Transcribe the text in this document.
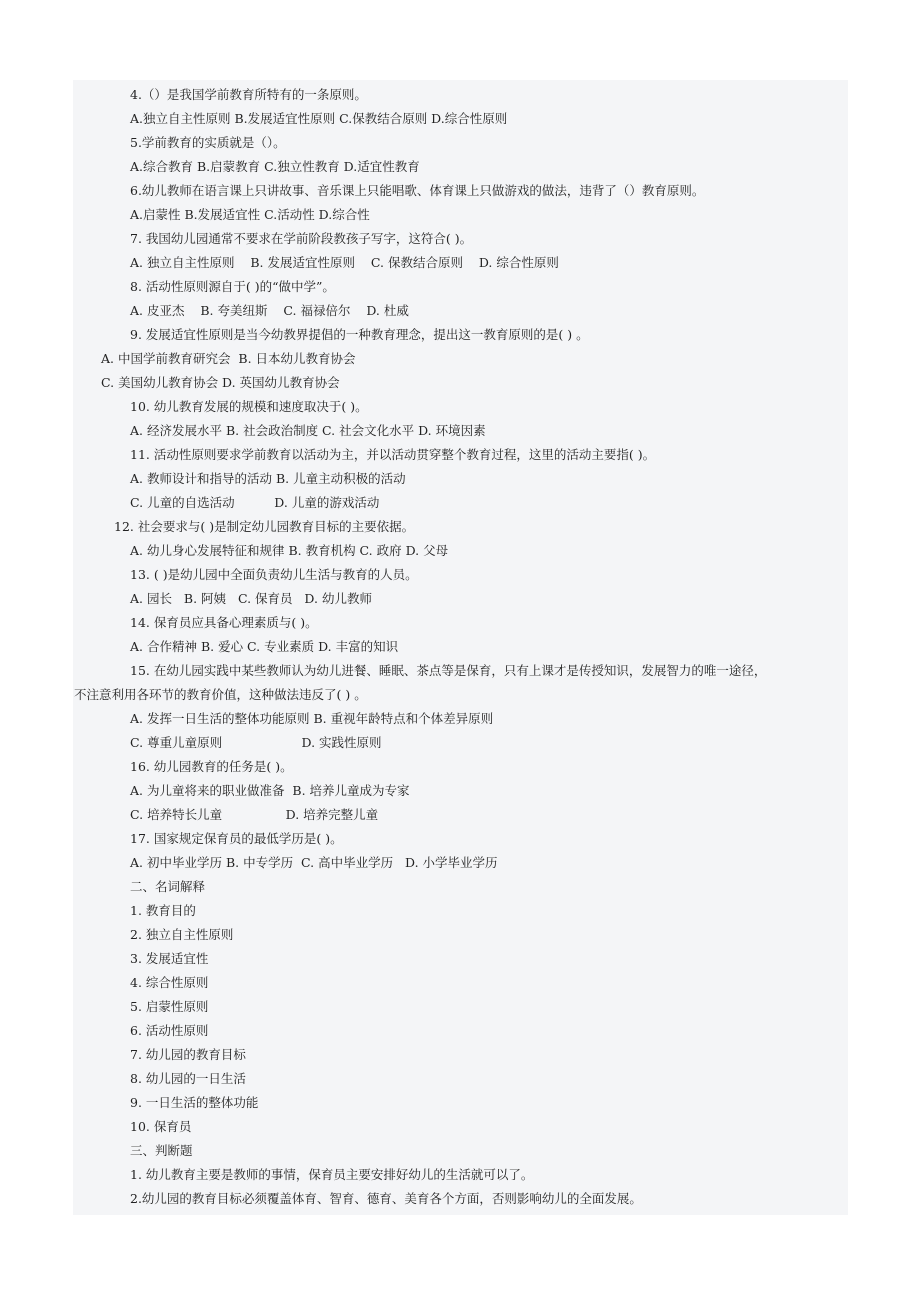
4.（）是我国学前教育所特有的一条原则。
A.独立自主性原则 B.发展适宜性原则 C.保教结合原则 D.综合性原则
5.学前教育的实质就是（）。
A.综合教育 B.启蒙教育 C.独立性教育 D.适宜性教育
6.幼儿教师在语言课上只讲故事、音乐课上只能唱歌、体育课上只做游戏的做法，违背了（）教育原则。
A.启蒙性 B.发展适宜性 C.活动性 D.综合性
7. 我国幼儿园通常不要求在学前阶段教孩子写字，这符合( )。
A. 独立自主性原则    B. 发展适宜性原则    C. 保教结合原则    D. 综合性原则
8. 活动性原则源自于( )的“做中学”。
A. 皮亚杰    B. 夸美纽斯    C. 福禄倍尔    D. 杜威
9. 发展适宜性原则是当今幼教界提倡的一种教育理念，提出这一教育原则的是( ) 。
A. 中国学前教育研究会  B. 日本幼儿教育协会
C. 美国幼儿教育协会 D. 英国幼儿教育协会
10. 幼儿教育发展的规模和速度取决于( )。
A. 经济发展水平 B. 社会政治制度 C. 社会文化水平 D. 环境因素
11. 活动性原则要求学前教育以活动为主，并以活动贯穿整个教育过程，这里的活动主要指( )。
A. 教师设计和指导的活动 B. 儿童主动积极的活动
C. 儿童的自选活动          D. 儿童的游戏活动
12. 社会要求与( )是制定幼儿园教育目标的主要依据。
A. 幼儿身心发展特征和规律 B. 教育机构 C. 政府 D. 父母
13. ( )是幼儿园中全面负责幼儿生活与教育的人员。
A. 园长   B. 阿姨   C. 保育员   D. 幼儿教师
14. 保育员应具备心理素质与( )。
A. 合作精神 B. 爱心 C. 专业素质 D. 丰富的知识
15. 在幼儿园实践中某些教师认为幼儿进餐、睡眠、茶点等是保育，只有上课才是传授知识，发展智力的唯一途径，
不注意利用各环节的教育价值，这种做法违反了( ) 。
A. 发挥一日生活的整体功能原则 B. 重视年龄特点和个体差异原则
C. 尊重儿童原则                    D. 实践性原则
16. 幼儿园教育的任务是( )。
A. 为儿童将来的职业做准备  B. 培养儿童成为专家
C. 培养特长儿童                D. 培养完整儿童
17. 国家规定保育员的最低学历是( )。
A. 初中毕业学历 B. 中专学历  C. 高中毕业学历   D. 小学毕业学历
二、名词解释
1. 教育目的
2. 独立自主性原则
3. 发展适宜性
4. 综合性原则
5. 启蒙性原则
6. 活动性原则
7. 幼儿园的教育目标
8. 幼儿园的一日生活
9. 一日生活的整体功能
10. 保育员
三、判断题
1. 幼儿教育主要是教师的事情，保育员主要安排好幼儿的生活就可以了。
2.幼儿园的教育目标必须覆盖体育、智育、德育、美育各个方面，否则影响幼儿的全面发展。
